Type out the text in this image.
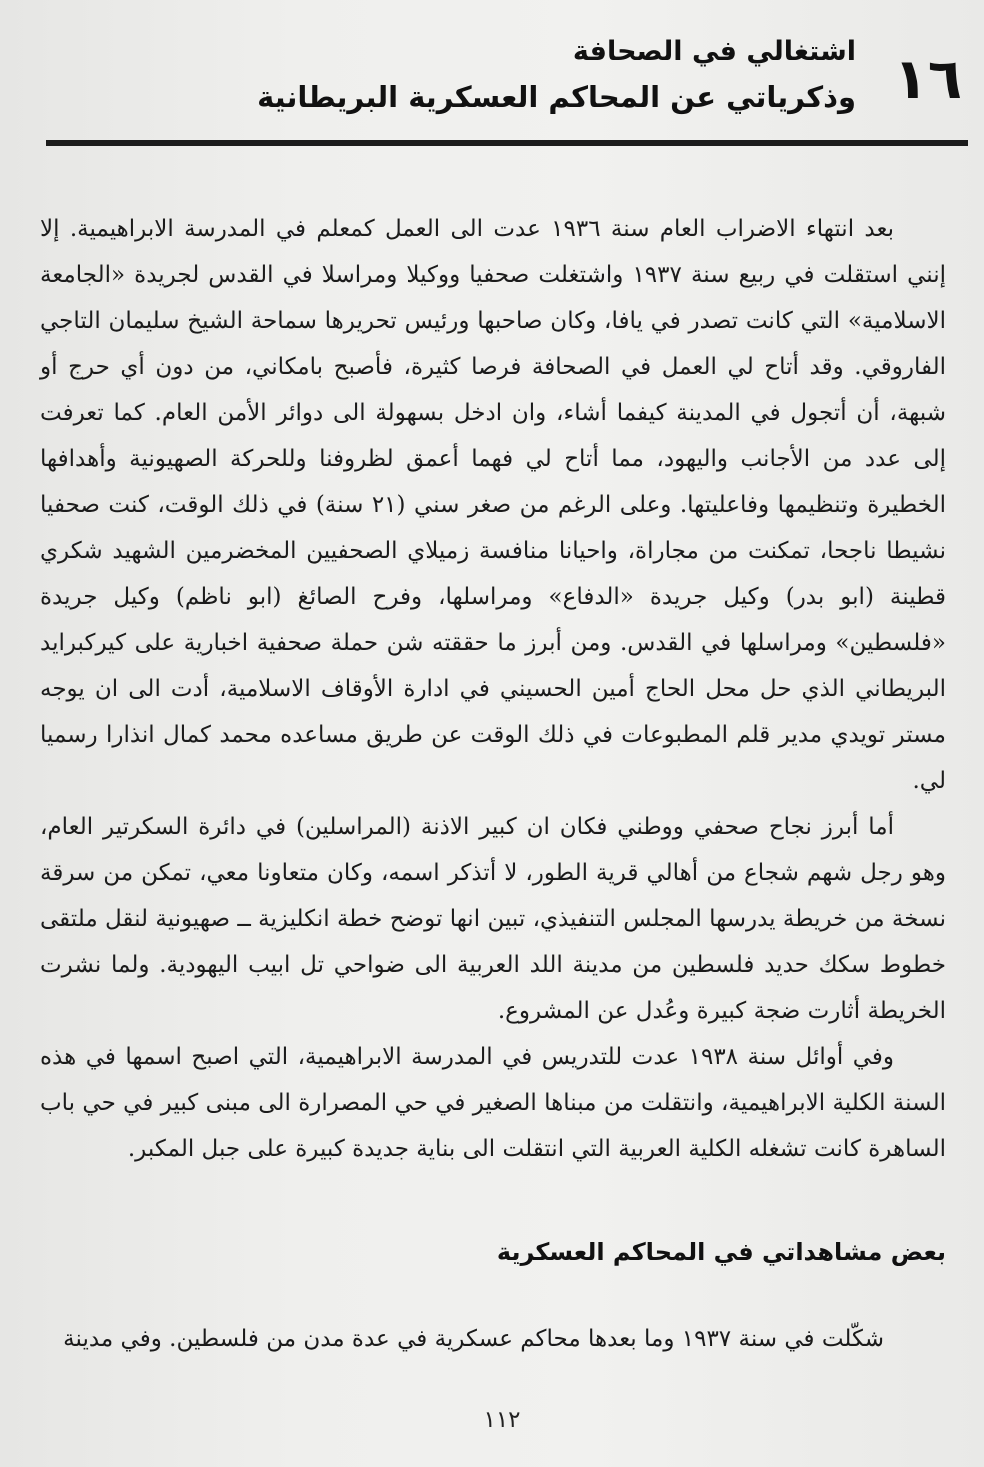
١٦
اشتغالي في الصحافة
وذكرياتي عن المحاكم العسكرية البريطانية

بعد انتهاء الاضراب العام سنة ١٩٣٦ عدت الى العمل كمعلم في المدرسة الابراهيمية. إلا إنني استقلت في ربيع سنة ١٩٣٧ واشتغلت صحفيا ووكيلا ومراسلا في القدس لجريدة «الجامعة الاسلامية» التي كانت تصدر في يافا، وكان صاحبها ورئيس تحريرها سماحة الشيخ سليمان التاجي الفاروقي. وقد أتاح لي العمل في الصحافة فرصا كثيرة، فأصبح بامكاني، من دون أي حرج أو شبهة، أن أتجول في المدينة كيفما أشاء، وان ادخل بسهولة الى دوائر الأمن العام. كما تعرفت إلى عدد من الأجانب واليهود، مما أتاح لي فهما أعمق لظروفنا وللحركة الصهيونية وأهدافها الخطيرة وتنظيمها وفاعليتها. وعلى الرغم من صغر سني (٢١ سنة) في ذلك الوقت، كنت صحفيا نشيطا ناجحا، تمكنت من مجاراة، واحيانا منافسة زميلاي الصحفيين المخضرمين الشهيد شكري قطينة (ابو بدر) وكيل جريدة «الدفاع» ومراسلها، وفرح الصائغ (ابو ناظم) وكيل جريدة «فلسطين» ومراسلها في القدس. ومن أبرز ما حققته شن حملة صحفية اخبارية على كيركبرايد البريطاني الذي حل محل الحاج أمين الحسيني في ادارة الأوقاف الاسلامية، أدت الى ان يوجه مستر تويدي مدير قلم المطبوعات في ذلك الوقت عن طريق مساعده محمد كمال انذارا رسميا لي.

أما أبرز نجاح صحفي ووطني فكان ان كبير الاذنة (المراسلين) في دائرة السكرتير العام، وهو رجل شهم شجاع من أهالي قرية الطور، لا أتذكر اسمه، وكان متعاونا معي، تمكن من سرقة نسخة من خريطة يدرسها المجلس التنفيذي، تبين انها توضح خطة انكليزية ــ صهيونية لنقل ملتقى خطوط سكك حديد فلسطين من مدينة اللد العربية الى ضواحي تل ابيب اليهودية. ولما نشرت الخريطة أثارت ضجة كبيرة وعُدل عن المشروع.

وفي أوائل سنة ١٩٣٨ عدت للتدريس في المدرسة الابراهيمية، التي اصبح اسمها في هذه السنة الكلية الابراهيمية، وانتقلت من مبناها الصغير في حي المصرارة الى مبنى كبير في حي باب الساهرة كانت تشغله الكلية العربية التي انتقلت الى بناية جديدة كبيرة على جبل المكبر.

بعض مشاهداتي في المحاكم العسكرية

شكّلت في سنة ١٩٣٧ وما بعدها محاكم عسكرية في عدة مدن من فلسطين. وفي مدينة

١١٢
